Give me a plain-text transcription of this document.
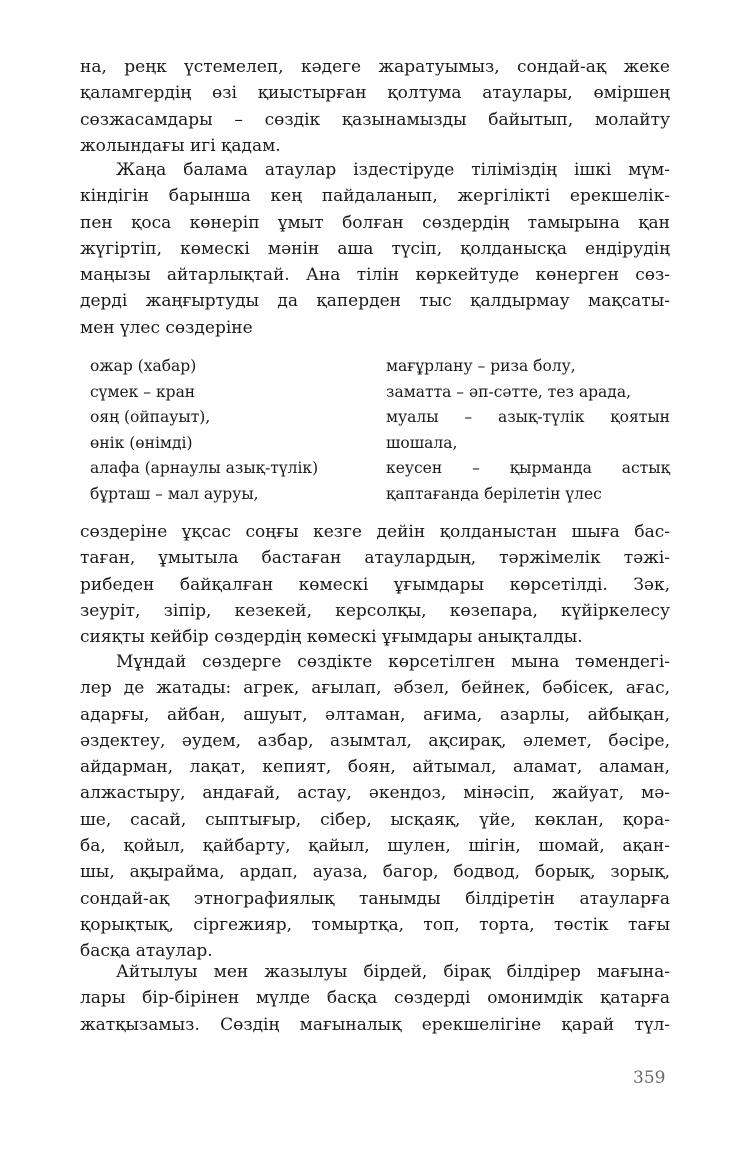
на, реңк үстемелеп, кәдеге жаратуымыз, сондай-ақ жеке
қаламгердің өзі қиыстырған қолтума атаулары, өміршең
сөзжасамдары – сөздік қазынамызды байытып, молайту
жолындағы игі қадам.

Жаңа балама атаулар іздестіруде тіліміздің ішкі мүм-
кіндігін барынша кең пайдаланып, жергілікті ерекшелік-
пен қоса көнеріп ұмыт болған сөздердің тамырына қан
жүгіртіп, көмескі мәнін аша түсіп, қолданысқа ендірудің
маңызы айтарлықтай. Ана тілін көркейтуде көнерген сөз-
дерді жаңғыртуды да қаперден тыс қалдырмау мақсаты-
мен үлес сөздеріне

ожар (хабар)	мағұрлану – риза болу,
сүмек – кран	заматта – әп-сәтте, тез арада,
ояң (ойпауыт),	муалы – азық-түлік қоятын
өнік (өнімді)	шошала,
алафа (арнаулы азық-түлік)	кеусен – қырманда астық
бұрташ – мал ауруы,	қаптағанда берілетін үлес

сөздеріне ұқсас соңғы кезге дейін қолданыстан шыға бас-
таған, ұмытыла бастаған атаулардың, тәржімелік тәжі-
рибеден байқалған көмескі ұғымдары көрсетілді. Зәк,
зеуріт, зіпір, кезекей, керсолқы, көзепара, күйіркелесу
сияқты кейбір сөздердің көмескі ұғымдары анықталды.

Мұндай сөздерге сөздікте көрсетілген мына төмендегі-
лер де жатады: агрек, ағылап, әбзел, бейнек, бәбісек, ағас,
адарғы, айбан, ашуыт, әлтаман, ағима, азарлы, айбықан,
әздектеу, әудем, азбар, азымтал, ақсирақ, әлемет, бәсіре,
айдарман, лақат, кепият, боян, айтымал, аламат, аламан,
алжастыру, андағай, астау, әкендоз, мінәсіп, жайуат, мә-
ше, сасай, сыптығыр, сібер, ысқаяқ, үйе, көклан, қора-
ба, қойыл, қайбарту, қайыл, шулен, шігін, шомай, ақан-
шы, ақырайма, ардап, ауаза, багор, бодвод, борық, зорық,
сондай-ақ этнографиялық танымды білдіретін атауларға
қорықтық, сіргежияр, томыртқа, топ, торта, төстік тағы
басқа атаулар.

Айтылуы мен жазылуы бірдей, бірақ білдірер мағына-
лары бір-бірінен мүлде басқа сөздерді омонимдік қатарға
жатқызамыз. Сөздің мағыналық ерекшелігіне қарай түл-

359
